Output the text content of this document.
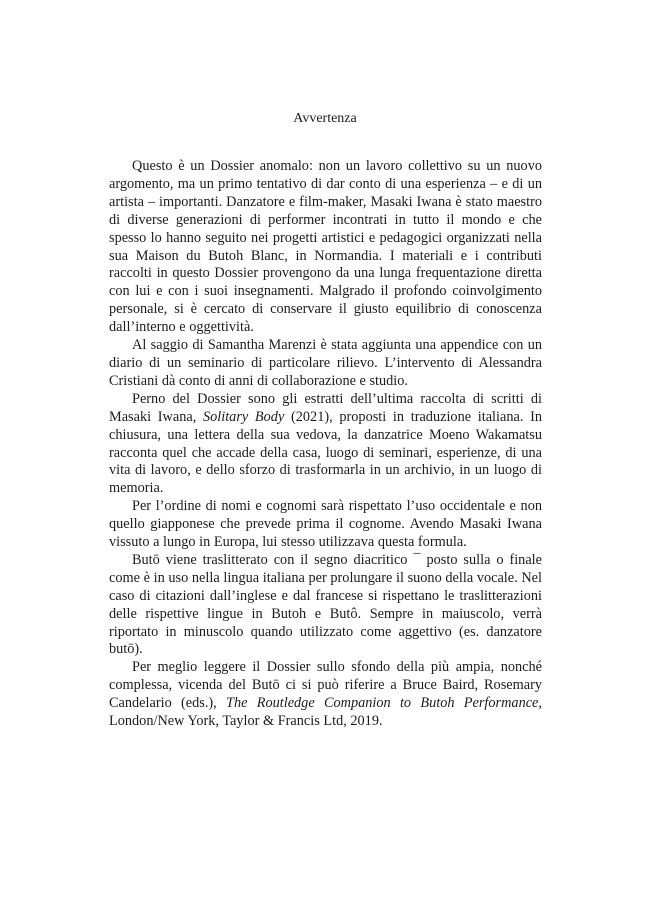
Avvertenza

Questo è un Dossier anomalo: non un lavoro collettivo su un nuovo argomento, ma un primo tentativo di dar conto di una esperienza – e di un artista – importanti. Danzatore e film-maker, Masaki Iwana è stato maestro di diverse generazioni di performer incontrati in tutto il mondo e che spesso lo hanno seguito nei progetti artistici e pedagogici organizzati nella sua Maison du Butoh Blanc, in Normandia. I materiali e i contributi raccolti in questo Dossier provengono da una lunga frequentazione diretta con lui e con i suoi insegnamenti. Malgrado il profondo coinvolgimento personale, si è cercato di conservare il giusto equilibrio di conoscenza dall’interno e oggettività.

Al saggio di Samantha Marenzi è stata aggiunta una appendice con un diario di un seminario di particolare rilievo. L’intervento di Alessandra Cristiani dà conto di anni di collaborazione e studio.

Perno del Dossier sono gli estratti dell’ultima raccolta di scritti di Masaki Iwana, Solitary Body (2021), proposti in traduzione italiana. In chiusura, una lettera della sua vedova, la danzatrice Moeno Wakamatsu racconta quel che accade della casa, luogo di seminari, esperienze, di una vita di lavoro, e dello sforzo di trasformarla in un archivio, in un luogo di memoria.

Per l’ordine di nomi e cognomi sarà rispettato l’uso occidentale e non quello giapponese che prevede prima il cognome. Avendo Masaki Iwana vissuto a lungo in Europa, lui stesso utilizzava questa formula.

Butō viene traslitterato con il segno diacritico ¯ posto sulla o finale come è in uso nella lingua italiana per prolungare il suono della vocale. Nel caso di citazioni dall’inglese e dal francese si rispettano le traslitterazioni delle rispettive lingue in Butoh e Butô. Sempre in maiuscolo, verrà riportato in minuscolo quando utilizzato come aggettivo (es. danzatore butō).

Per meglio leggere il Dossier sullo sfondo della più ampia, nonché complessa, vicenda del Butō ci si può riferire a Bruce Baird, Rosemary Candelario (eds.), The Routledge Companion to Butoh Performance, London/New York, Taylor & Francis Ltd, 2019.
